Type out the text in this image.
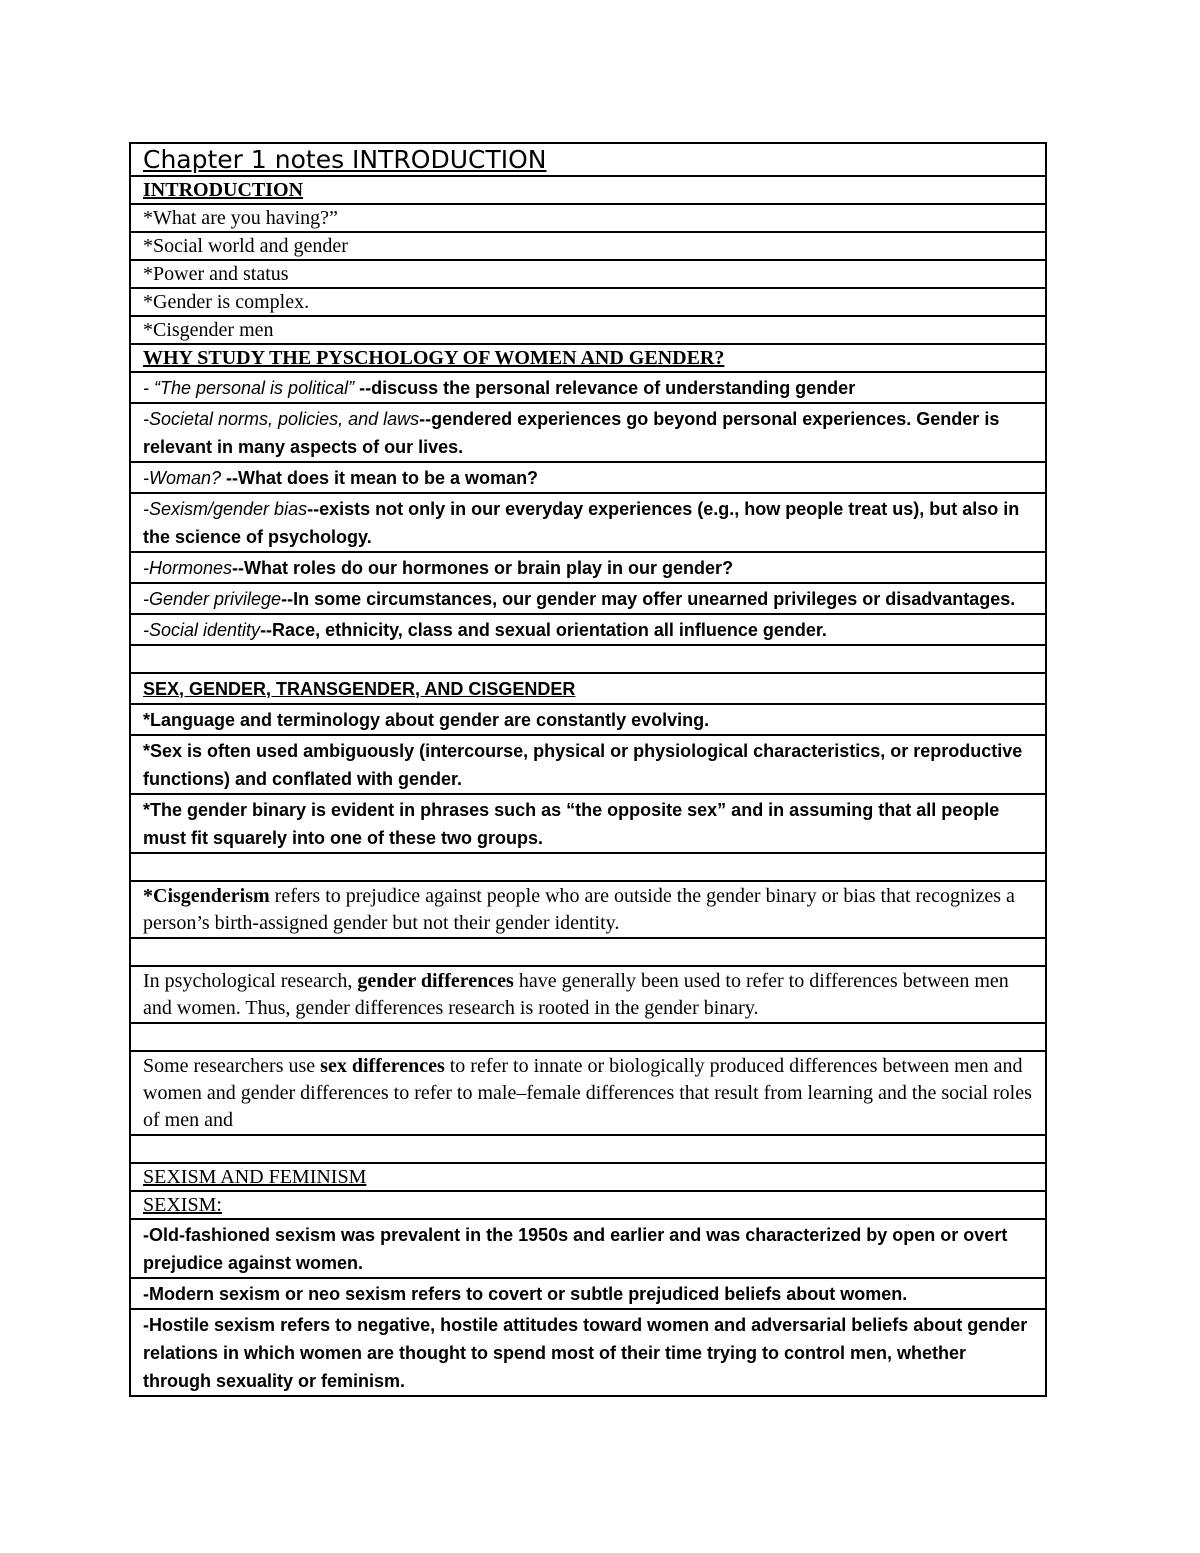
Chapter 1 notes INTRODUCTION
INTRODUCTION
*What are you having?”
*Social world and gender
*Power and status
*Gender is complex.
*Cisgender men
WHY STUDY THE PYSCHOLOGY OF WOMEN AND GENDER?
- “The personal is political” --discuss the personal relevance of understanding gender
-Societal norms, policies, and laws--gendered experiences go beyond personal experiences. Gender is relevant in many aspects of our lives.
-Woman? --What does it mean to be a woman?
-Sexism/gender bias--exists not only in our everyday experiences (e.g., how people treat us), but also in the science of psychology.
-Hormones--What roles do our hormones or brain play in our gender?
-Gender privilege--In some circumstances, our gender may offer unearned privileges or disadvantages.
-Social identity--Race, ethnicity, class and sexual orientation all influence gender.

SEX, GENDER, TRANSGENDER, AND CISGENDER
*Language and terminology about gender are constantly evolving.
*Sex is often used ambiguously (intercourse, physical or physiological characteristics, or reproductive functions) and conflated with gender.
*The gender binary is evident in phrases such as “the opposite sex” and in assuming that all people must fit squarely into one of these two groups.

*Cisgenderism refers to prejudice against people who are outside the gender binary or bias that recognizes a person’s birth-assigned gender but not their gender identity.

In psychological research, gender differences have generally been used to refer to differences between men and women. Thus, gender differences research is rooted in the gender binary.

Some researchers use sex differences to refer to innate or biologically produced differences between men and women and gender differences to refer to male–female differences that result from learning and the social roles of men and

SEXISM AND FEMINISM
SEXISM:
-Old-fashioned sexism was prevalent in the 1950s and earlier and was characterized by open or overt prejudice against women.
-Modern sexism or neo sexism refers to covert or subtle prejudiced beliefs about women.
-Hostile sexism refers to negative, hostile attitudes toward women and adversarial beliefs about gender relations in which women are thought to spend most of their time trying to control men, whether through sexuality or feminism.
